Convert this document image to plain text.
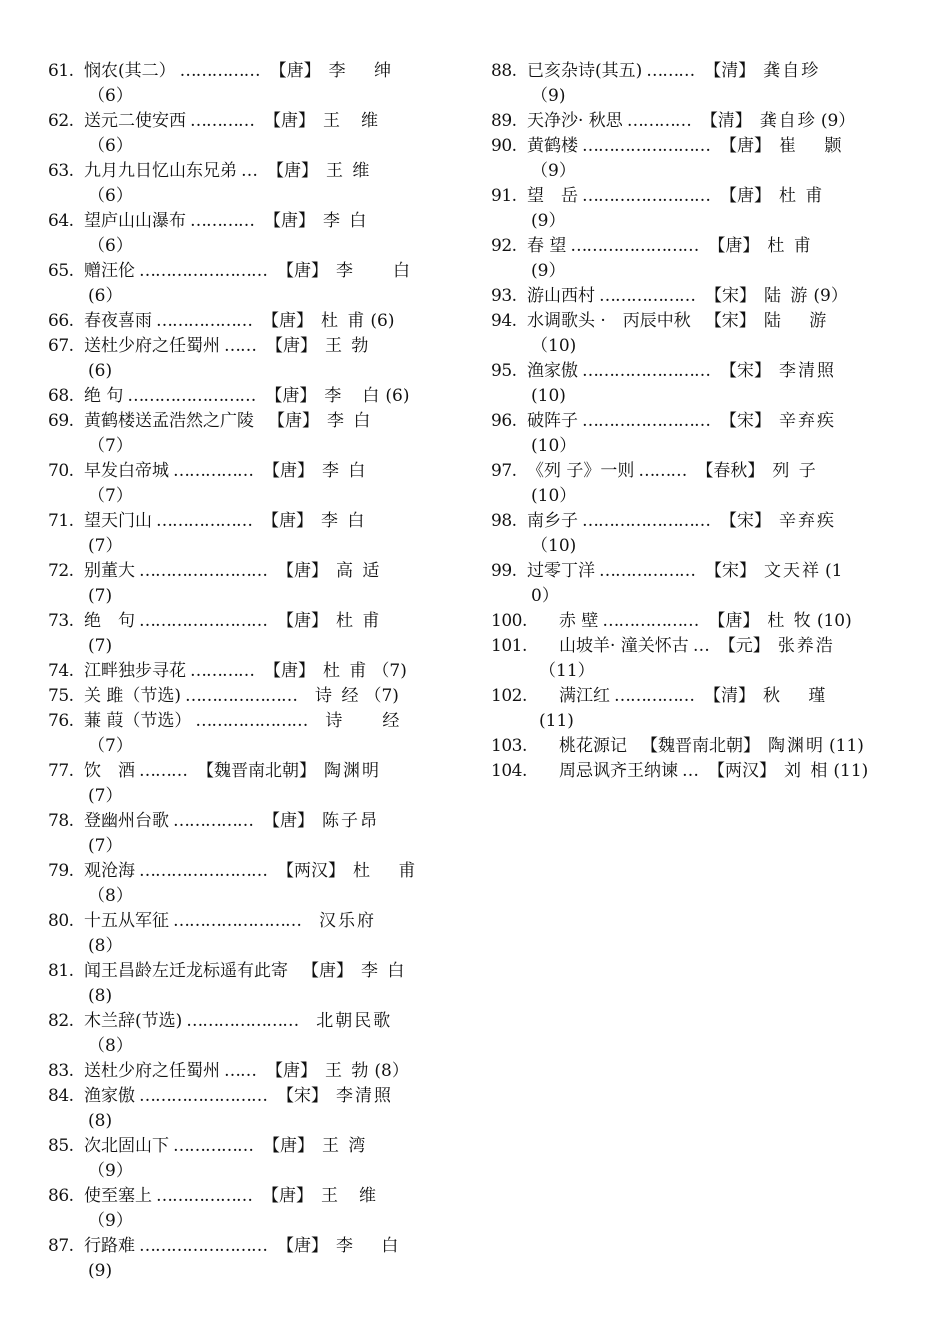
61. 悯农(其二） …………… 【唐】 李　 绅
（6）
62. 送元二使安西 ………… 【唐】 王　维
（6）
63. 九月九日忆山东兄弟 … 【唐】 王 维
（6）
64. 望庐山山瀑布 ………… 【唐】 李 白
（6）
65. 赠汪伦 …………………… 【唐】 李　　白
(6）
66. 春夜喜雨 ……………… 【唐】 杜 甫 (6)
67. 送杜少府之任蜀州 …… 【唐】 王 勃
(6)
68. 绝 句 …………………… 【唐】 李　白 (6)
69. 黄鹤楼送孟浩然之广陵 【唐】 李 白
（7）
70. 早发白帝城 …………… 【唐】 李 白
（7）
71. 望天门山 ……………… 【唐】 李 白
(7）
72. 别董大 …………………… 【唐】 高 适
(7)
73. 绝　句 …………………… 【唐】 杜 甫
(7)
74. 江畔独步寻花 ………… 【唐】 杜 甫 （7)
75. 关 雎（节选) ………………… 诗 经 （7)
76. 蒹 葭（节选） ………………… 诗　　经
（7）
77. 饮　酒 ……… 【魏晋南北朝】 陶渊明
(7）
78. 登幽州台歌 …………… 【唐】 陈子昂
(7）
79. 观沧海 …………………… 【两汉】 杜　 甫
（8）
80. 十五从军征 …………………… 汉乐府
(8）
81. 闻王昌龄左迁龙标遥有此寄 【唐】 李 白
(8)
82. 木兰辞(节选) ………………… 北朝民歌
（8）
83. 送杜少府之任蜀州 …… 【唐】 王 勃 (8）
84. 渔家傲 …………………… 【宋】 李清照
(8)
85. 次北固山下 …………… 【唐】 王 湾
（9）
86. 使至塞上 ……………… 【唐】 王　维
（9）
87. 行路难 …………………… 【唐】 李　 白
(9)
88. 已亥杂诗(其五) ……… 【清】 龚自珍
（9)
89. 天净沙· 秋思 ………… 【清】 龚自珍 (9）
90. 黄鹤楼 …………………… 【唐】 崔　 颢
（9）
91. 望　岳 …………………… 【唐】 杜 甫
(9）
92. 春 望 …………………… 【唐】 杜 甫
(9）
93. 游山西村 ……………… 【宋】 陆 游 (9）
94. 水调歌头 ·　丙辰中秋 【宋】 陆　 游
（10)
95. 渔家傲 …………………… 【宋】 李清照
(10)
96. 破阵子 …………………… 【宋】 辛弃疾
(10）
97. 《列 子》一则 ……… 【春秋】 列 子
(10）
98. 南乡子 …………………… 【宋】 辛弃疾
（10)
99. 过零丁洋 ……………… 【宋】 文天祥 (1
0）
100.	赤 壁 ……………… 【唐】 杜 牧 (10)
101.	山坡羊· 潼关怀古 … 【元】 张养浩
（11）
102.	满江红 …………… 【清】 秋　 瑾
(11)
103.	桃花源记 【魏晋南北朝】 陶渊明 (11)
104.	周忌讽齐王纳谏 … 【两汉】 刘 相 (11)
